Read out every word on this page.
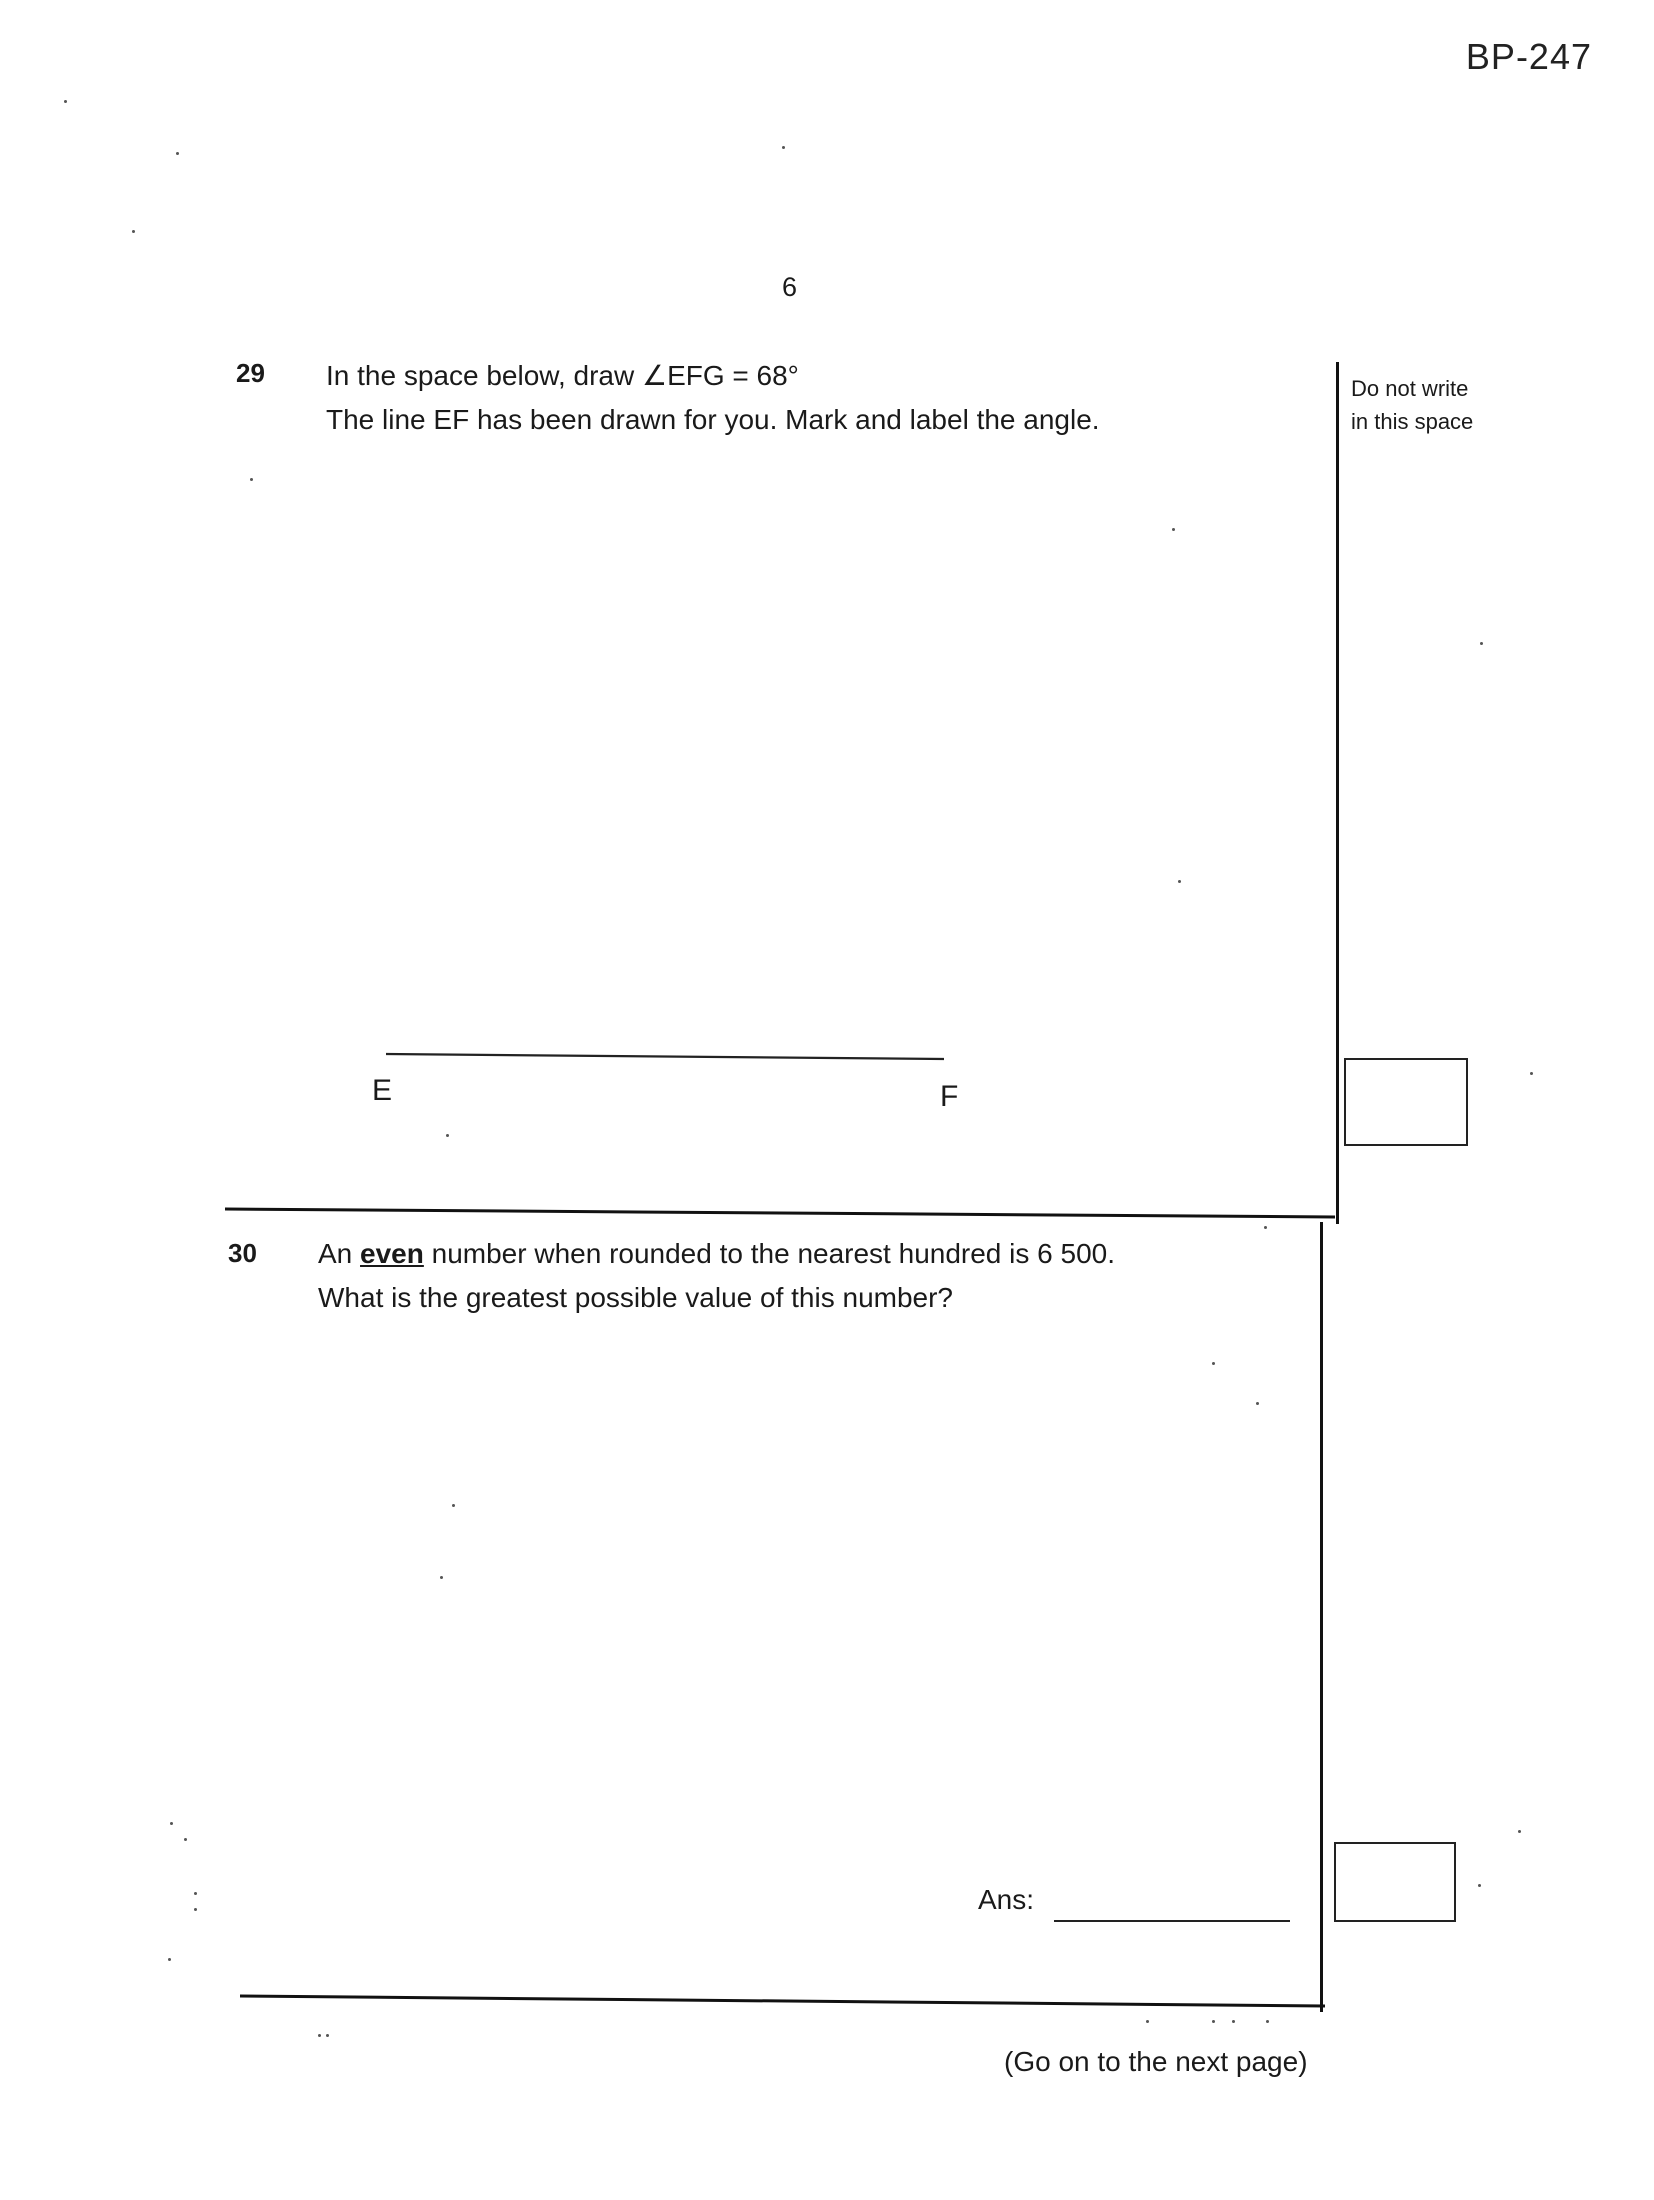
BP-247
6
Do not write
in this space
29 In the space below, draw ∠EFG = 68°
The line EF has been drawn for you. Mark and label the angle.
E	F
30 An even number when rounded to the nearest hundred is 6 500.
What is the greatest possible value of this number?
Ans:
(Go on to the next page)
